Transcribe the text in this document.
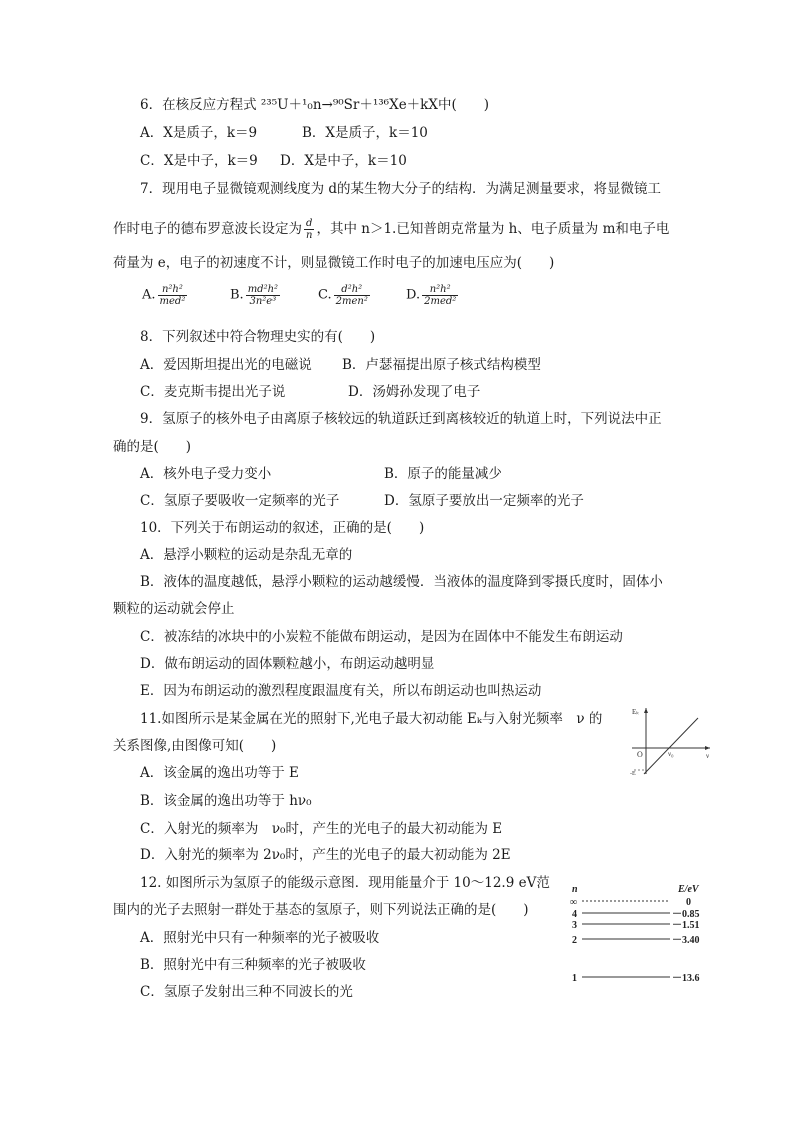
6．在核反应方程式 ²³⁵U＋¹₀n→⁹⁰Sr＋¹³⁶Xe＋kX中(　　)
A．X是质子，k＝9	B．X是质子，k＝10
C．X是中子，k＝9 D．X是中子，k＝10
7．现用电子显微镜观测线度为 d的某生物大分子的结构．为满足测量要求，将显微镜工
作时电子的德布罗意波长设定为 $\frac{d}{n}$ ，其中 n＞1.已知普朗克常量为 h、电子质量为 m和电子电
荷量为 e，电子的初速度不计，则显微镜工作时电子的加速电压应为(　　)
A. $\frac{\text{n²h²}}{\text{med²}}$	B. $\frac{\text{md²h²}}{\text{3n²e³}}$	C. $\frac{\text{d²h²}}{\text{2men²}}$	D. $\frac{\text{n²h²}}{\text{2med²}}$
8．下列叙述中符合物理史实的有(　　)
A．爱因斯坦提出光的电磁说 B．卢瑟福提出原子核式结构模型
C．麦克斯韦提出光子说	D．汤姆孙发现了电子
9．氢原子的核外电子由离原子核较远的轨道跃迁到离核较近的轨道上时，下列说法中正
确的是(　　)
A．核外电子受力变小	B．原子的能量减少
C．氢原子要吸收一定频率的光子	D．氢原子要放出一定频率的光子
10．下列关于布朗运动的叙述，正确的是(　　)
A．悬浮小颗粒的运动是杂乱无章的
B．液体的温度越低，悬浮小颗粒的运动越缓慢．当液体的温度降到零摄氏度时，固体小
颗粒的运动就会停止
C．被冻结的冰块中的小炭粒不能做布朗运动，是因为在固体中不能发生布朗运动
D．做布朗运动的固体颗粒越小，布朗运动越明显
E．因为布朗运动的激烈程度跟温度有关，所以布朗运动也叫热运动
11.如图所示是某金属在光的照射下,光电子最大初动能 Eₖ与入射光频率　ν 的
关系图像,由图像可知(　　)
A．该金属的逸出功等于 E
B．该金属的逸出功等于 hν₀
C．入射光的频率为　ν₀时，产生的光电子的最大初动能为 E
D．入射光的频率为 2ν₀时，产生的光电子的最大初动能为 2E
Eₖ
ν
O	ν₀
-E
12. 如图所示为氢原子的能级示意图．现用能量介于 10～12.9 eV范
围内的光子去照射一群处于基态的氢原子，则下列说法正确的是(　　)
A．照射光中只有一种频率的光子被吸收
B．照射光中有三种频率的光子被吸收
C．氢原子发射出三种不同波长的光
n	E/eV
∞	0
4	－0.85
3	－1.51
2	－3.40
1	－13.6
